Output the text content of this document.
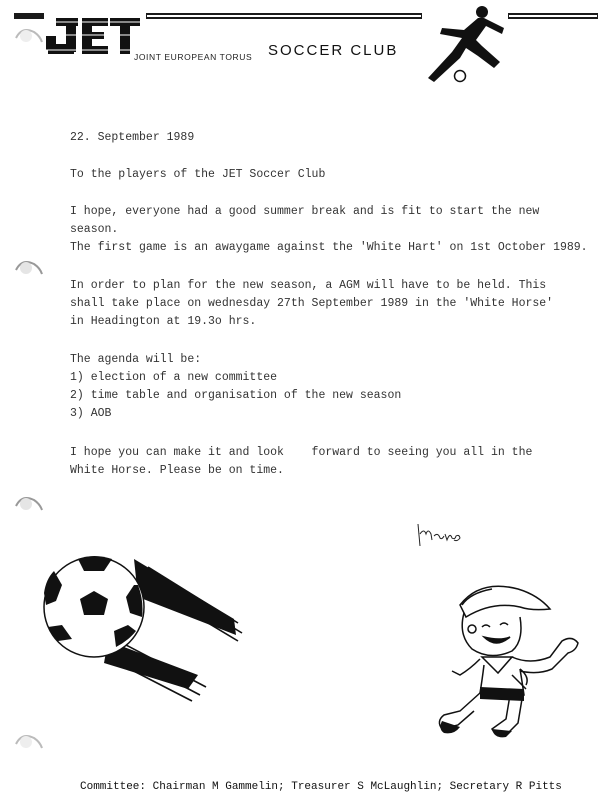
JOINT EUROPEAN TORUS SOCCER CLUB
22. September 1989
To the players of the JET Soccer Club
I hope, everyone had a good summer break and is fit to start the new
season.
The first game is an awaygame against the 'White Hart' on 1st October 1989.
In order to plan for the new season, a AGM will have to be held. This
shall take place on wednesday 27th September 1989 in the 'White Horse'
in Headington at 19.3o hrs.
The agenda will be:
1) election of a new committee
2) time table and organisation of the new season
3) AOB
I hope you can make it and look    forward to seeing you all in the
White Horse. Please be on time.
Committee: Chairman M Gammelin; Treasurer S McLaughlin; Secretary R Pitts
